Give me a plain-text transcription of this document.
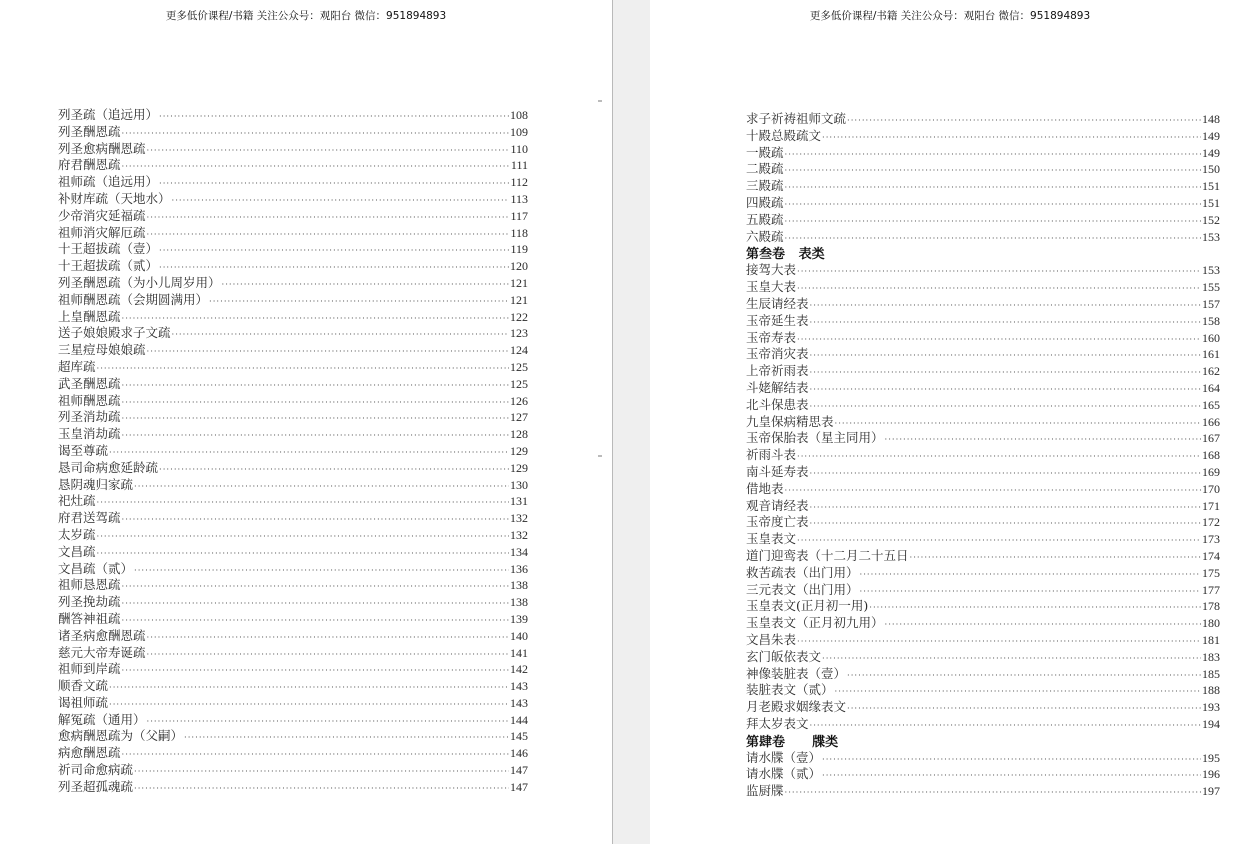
更多低价课程/书籍 关注公众号：观阳台 微信：951894893
列圣疏（追远用） ·····	108
列圣酬恩疏 ·····	109
列圣愈病酬恩疏 ·····	110
府君酬恩疏 ·····	111
祖师疏（追远用） ·····	112
补财库疏（天地水） ·····	113
少帝消灾延福疏 ·····	117
祖师消灾解厄疏 ·····	118
十王超拔疏（壹） ·····	119
十王超拔疏（贰） ·····	120
列圣酬恩疏（为小儿周岁用） ·····	121
祖师酬恩疏（会期圆满用） ·····	121
上皇酬恩疏 ·····	122
送子娘娘殿求子文疏 ·····	123
三星痘母娘娘疏 ·····	124
超库疏 ·····	125
武圣酬恩疏 ·····	125
祖师酬恩疏 ·····	126
列圣消劫疏 ·····	127
玉皇消劫疏 ·····	128
谒至尊疏 ·····	129
恳司命病愈延龄疏 ·····	129
恳阴魂归家疏 ·····	130
祀灶疏 ·····	131
府君送驾疏 ·····	132
太岁疏 ·····	132
文昌疏 ·····	134
文昌疏（贰） ·····	136
祖师恳恩疏 ·····	138
列圣挽劫疏 ·····	138
酬答神祖疏 ·····	139
诸圣病愈酬恩疏 ·····	140
慈元大帝寿诞疏 ·····	141
祖师到岸疏 ·····	142
顺香文疏 ·····	143
谒祖师疏 ·····	143
解冤疏（通用） ·····	144
愈病酬恩疏为（父嗣） ·····	145
病愈酬恩疏 ·····	146
祈司命愈病疏 ·····	147
列圣超孤魂疏 ·····	147
更多低价课程/书籍 关注公众号：观阳台 微信：951894893
求子祈祷祖师文疏 ·····	148
十殿总殿疏文 ·····	149
一殿疏 ·····	149
二殿疏 ·····	150
三殿疏 ·····	151
四殿疏 ·····	151
五殿疏 ·····	152
六殿疏 ·····	153
第叁卷   表类
接驾大表 ·····	153
玉皇大表 ·····	155
生辰请经表 ·····	157
玉帝延生表 ·····	158
玉帝寿表 ·····	160
玉帝消灾表 ·····	161
上帝祈雨表 ·····	162
斗姥解结表 ·····	164
北斗保患表 ·····	165
九皇保病精思表 ·····	166
玉帝保胎表（星主同用） ·····	167
祈雨斗表 ·····	168
南斗延寿表 ·····	169
借地表 ·····	170
观音请经表 ·····	171
玉帝度亡表 ·····	172
玉皇表文 ·····	173
道门迎鸾表（十二月二十五日 ·····	174
救苦疏表（出门用） ·····	175
三元表文（出门用） ·····	177
玉皇表文(正月初一用) ·····	178
玉皇表文（正月初九用） ·····	180
文昌朱表 ·····	181
玄门皈依表文 ·····	183
神像装脏表（壹） ·····	185
装脏表文（贰） ·····	188
月老殿求姻缘表文 ·····	193
拜太岁表文 ·····	194
第肆卷      牒类
请水牒（壹） ·····	195
请水牒（贰） ·····	196
监厨牒 ·····	197
